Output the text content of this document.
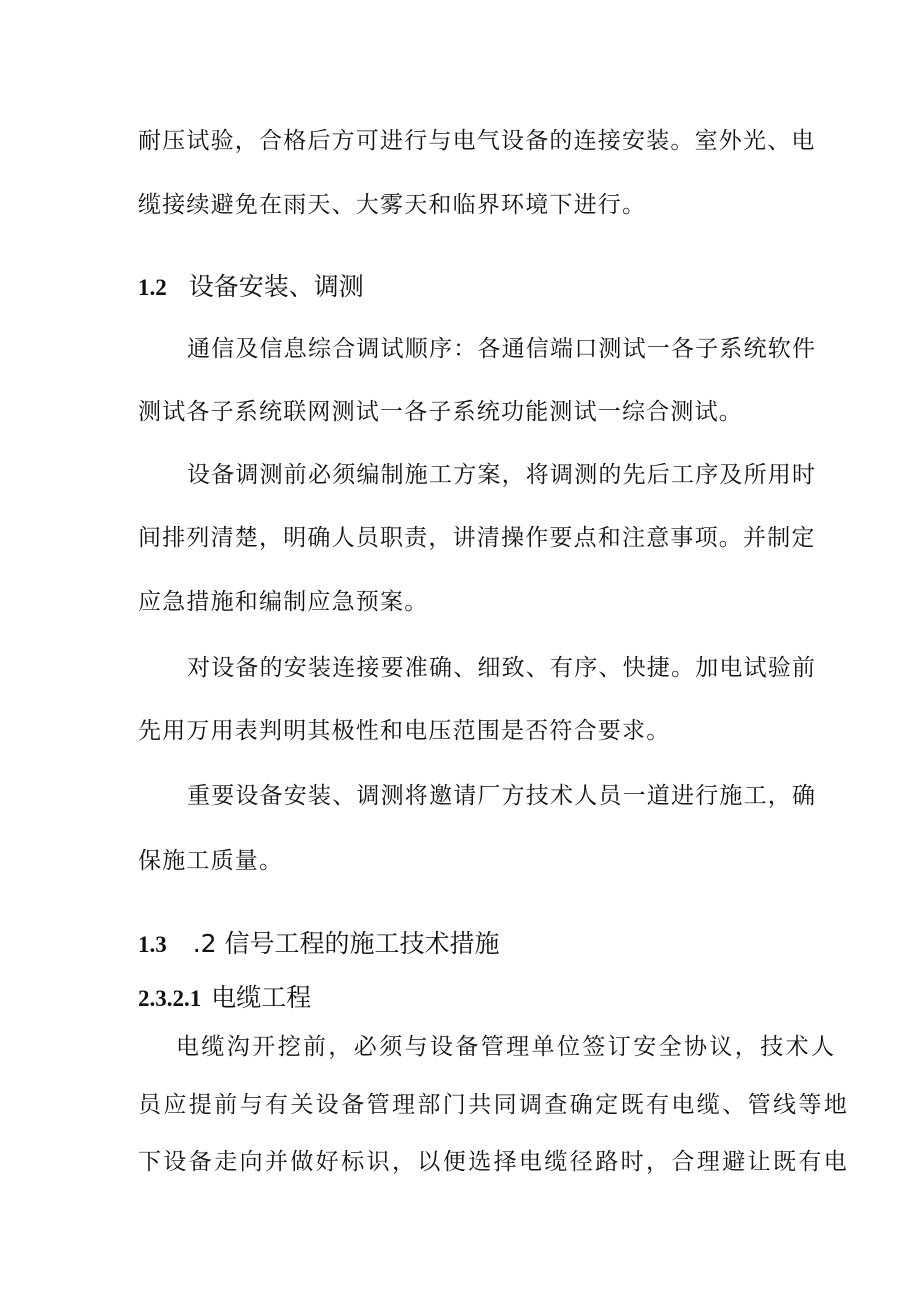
耐压试验，合格后方可进行与电气设备的连接安装。室外光、电
缆接续避免在雨天、大雾天和临界环境下进行。
1.2 设备安装、调测
通信及信息综合调试顺序：各通信端口测试一各子系统软件
测试各子系统联网测试一各子系统功能测试一综合测试。
设备调测前必须编制施工方案，将调测的先后工序及所用时
间排列清楚，明确人员职责，讲清操作要点和注意事项。并制定
应急措施和编制应急预案。
对设备的安装连接要准确、细致、有序、快捷。加电试验前
先用万用表判明其极性和电压范围是否符合要求。
重要设备安装、调测将邀请厂方技术人员一道进行施工，确
保施工质量。
1.3 .2 信号工程的施工技术措施
2.3.2.1 电缆工程
电缆沟开挖前，必须与设备管理单位签订安全协议，技术人
员应提前与有关设备管理部门共同调查确定既有电缆、管线等地
下设备走向并做好标识，以便选择电缆径路时，合理避让既有电
